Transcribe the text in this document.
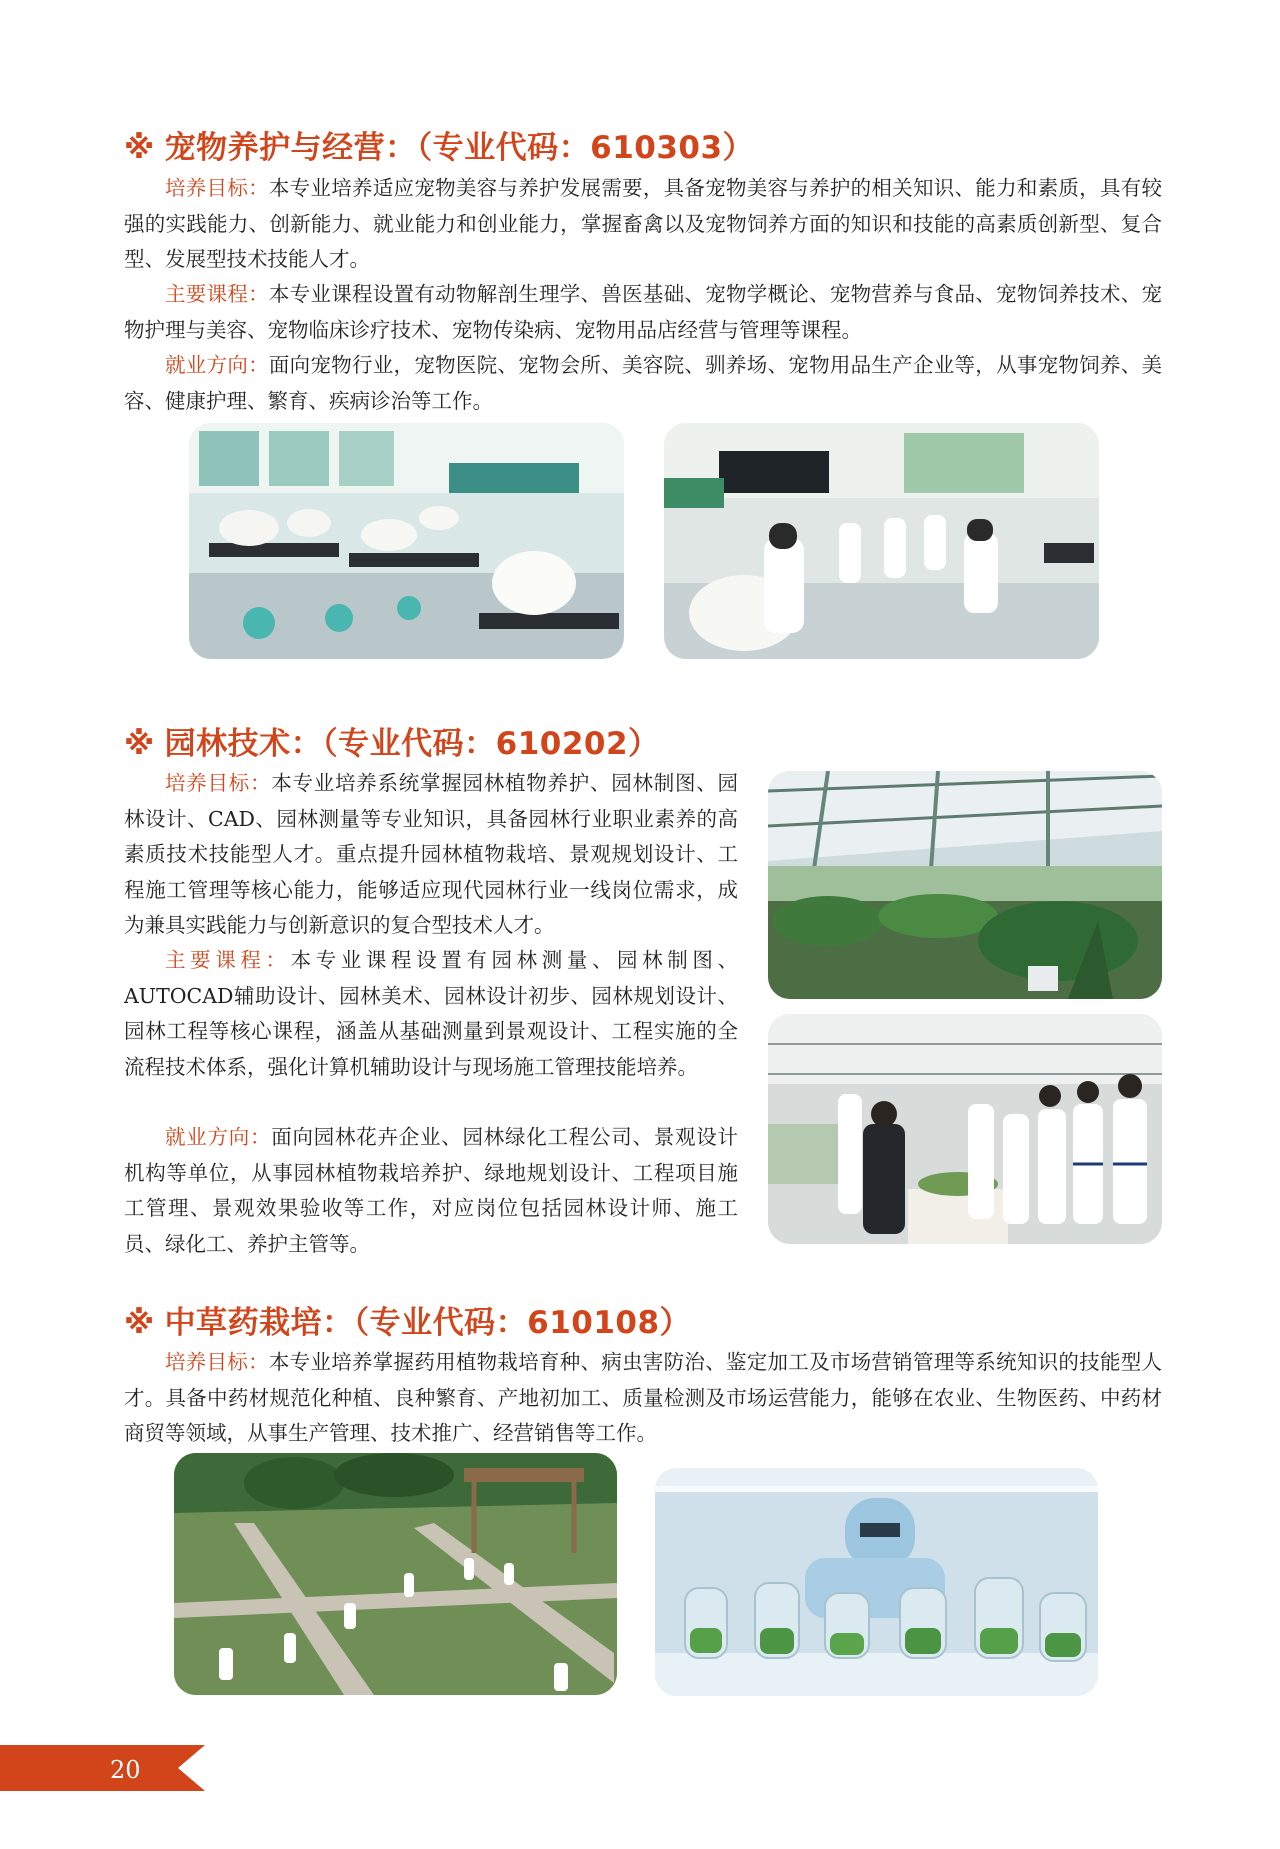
※ 宠物养护与经营：（专业代码：610303）

培养目标：本专业培养适应宠物美容与养护发展需要，具备宠物美容与养护的相关知识、能力和素质，具有较强的实践能力、创新能力、就业能力和创业能力，掌握畜禽以及宠物饲养方面的知识和技能的高素质创新型、复合型、发展型技术技能人才。

主要课程：本专业课程设置有动物解剖生理学、兽医基础、宠物学概论、宠物营养与食品、宠物饲养技术、宠物护理与美容、宠物临床诊疗技术、宠物传染病、宠物用品店经营与管理等课程。

就业方向：面向宠物行业，宠物医院、宠物会所、美容院、驯养场、宠物用品生产企业等，从事宠物饲养、美容、健康护理、繁育、疾病诊治等工作。

※ 园林技术：（专业代码：610202）

培养目标：本专业培养系统掌握园林植物养护、园林制图、园林设计、CAD、园林测量等专业知识，具备园林行业职业素养的高素质技术技能型人才。重点提升园林植物栽培、景观规划设计、工程施工管理等核心能力，能够适应现代园林行业一线岗位需求，成为兼具实践能力与创新意识的复合型技术人才。

主要课程：本专业课程设置有园林测量、园林制图、AUTOCAD辅助设计、园林美术、园林设计初步、园林规划设计、园林工程等核心课程，涵盖从基础测量到景观设计、工程实施的全流程技术体系，强化计算机辅助设计与现场施工管理技能培养。

就业方向：面向园林花卉企业、园林绿化工程公司、景观设计机构等单位，从事园林植物栽培养护、绿地规划设计、工程项目施工管理、景观效果验收等工作，对应岗位包括园林设计师、施工员、绿化工、养护主管等。

※ 中草药栽培：（专业代码：610108）

培养目标：本专业培养掌握药用植物栽培育种、病虫害防治、鉴定加工及市场营销管理等系统知识的技能型人才。具备中药材规范化种植、良种繁育、产地初加工、质量检测及市场运营能力，能够在农业、生物医药、中药材商贸等领域，从事生产管理、技术推广、经营销售等工作。

20
